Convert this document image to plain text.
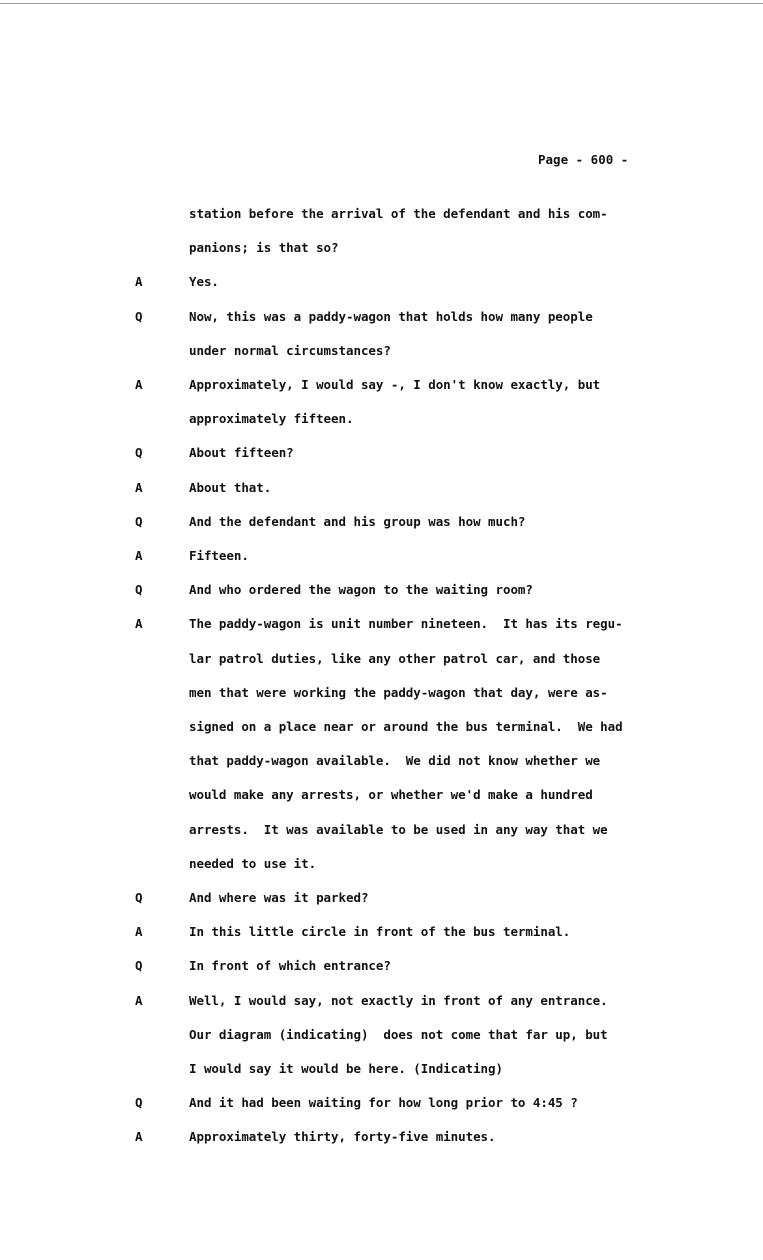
Page - 600 -
station before the arrival of the defendant and his com-
panions; is that so?
A	Yes.
Q	Now, this was a paddy-wagon that holds how many people
under normal circumstances?
A	Approximately, I would say -, I don't know exactly, but
approximately fifteen.
Q	About fifteen?
A	About that.
Q	And the defendant and his group was how much?
A	Fifteen.
Q	And who ordered the wagon to the waiting room?
A	The paddy-wagon is unit number nineteen.  It has its regu-
lar patrol duties, like any other patrol car, and those
men that were working the paddy-wagon that day, were as-
signed on a place near or around the bus terminal.  We had
that paddy-wagon available.  We did not know whether we
would make any arrests, or whether we'd make a hundred
arrests.  It was available to be used in any way that we
needed to use it.
Q	And where was it parked?
A	In this little circle in front of the bus terminal.
Q	In front of which entrance?
A	Well, I would say, not exactly in front of any entrance.
Our diagram (indicating)  does not come that far up, but
I would say it would be here. (Indicating)
Q	And it had been waiting for how long prior to 4:45 ?
A	Approximately thirty, forty-five minutes.
